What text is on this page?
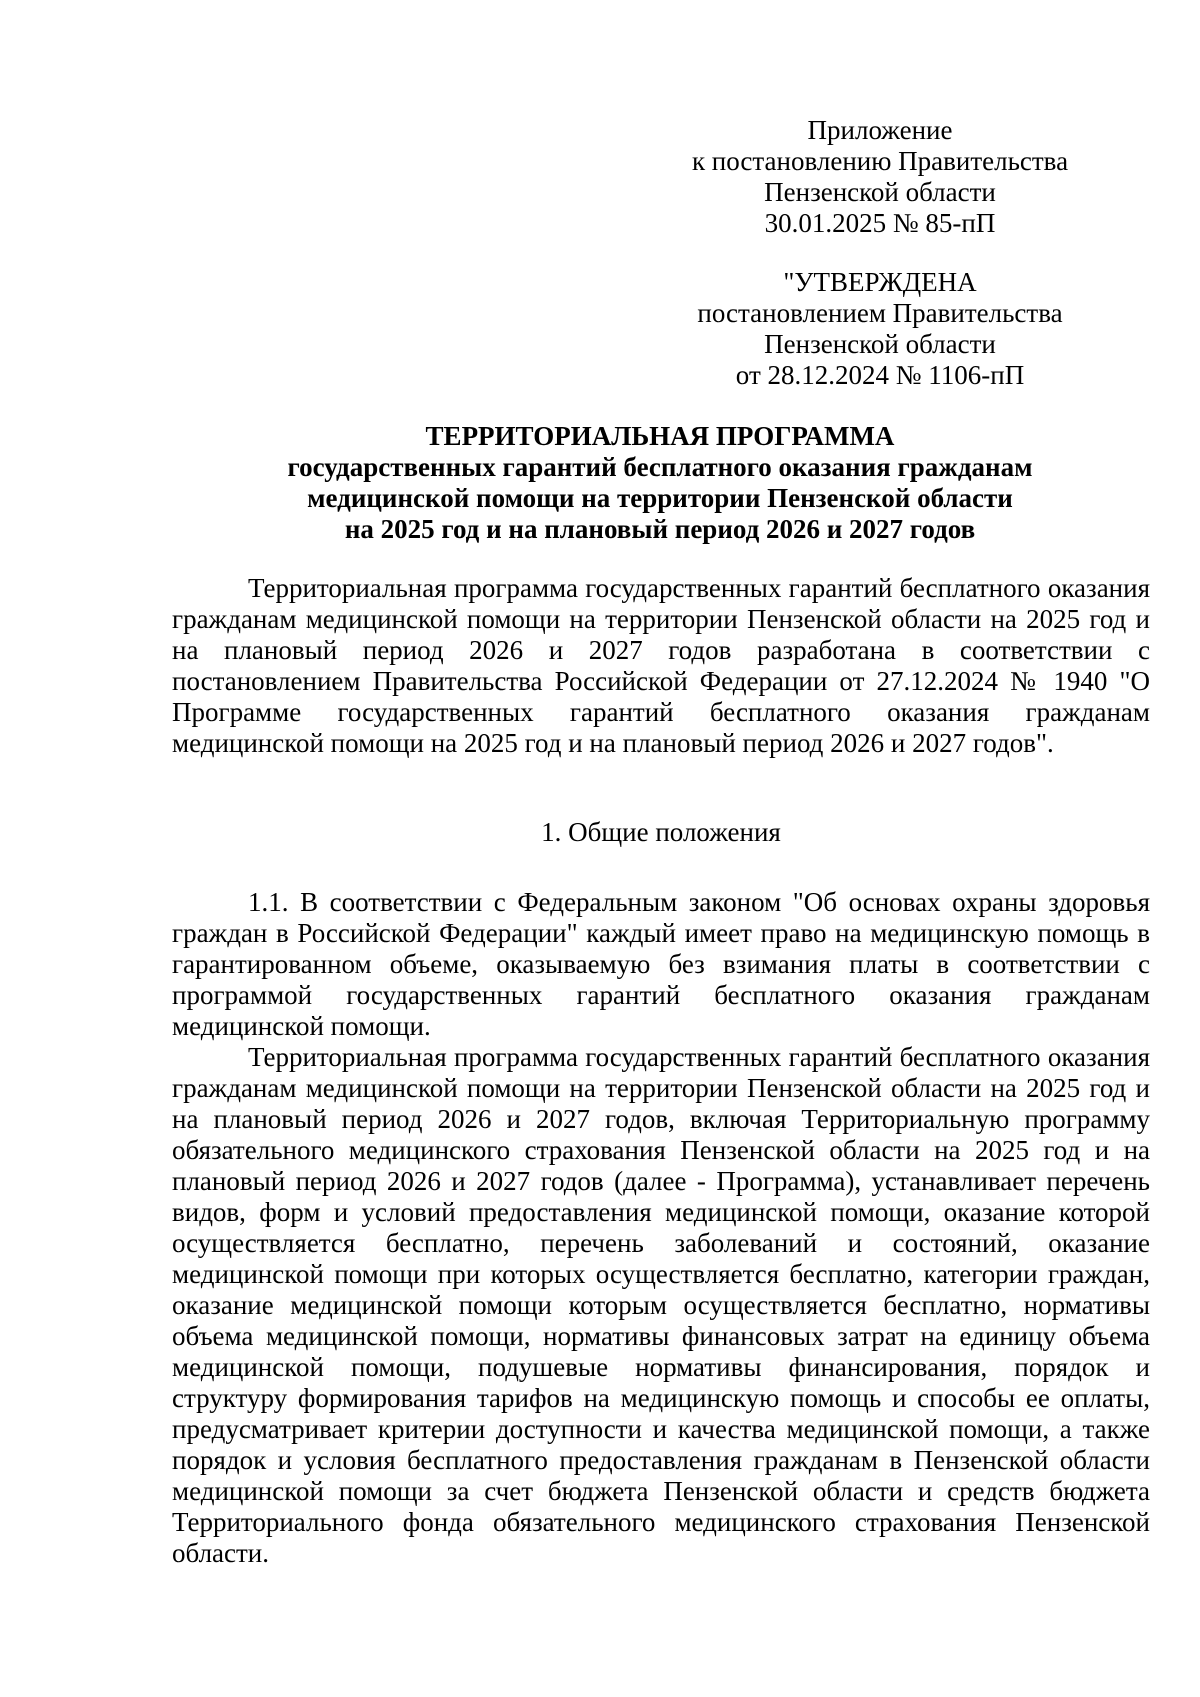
Приложение
к постановлению Правительства
Пензенской области
30.01.2025 № 85-пП
"УТВЕРЖДЕНА
постановлением Правительства
Пензенской области
от 28.12.2024 № 1106-пП
ТЕРРИТОРИАЛЬНАЯ ПРОГРАММА
государственных гарантий бесплатного оказания гражданам
медицинской помощи на территории Пензенской области
на 2025 год и на плановый период 2026 и 2027 годов

Территориальная программа государственных гарантий бесплатного оказания гражданам медицинской помощи на территории Пензенской области на 2025 год и на плановый период 2026 и 2027 годов разработана в соответствии с постановлением Правительства Российской Федерации от 27.12.2024 № 1940 "О Программе государственных гарантий бесплатного оказания гражданам медицинской помощи на 2025 год и на плановый период 2026 и 2027 годов".

1. Общие положения

1.1. В соответствии с Федеральным законом "Об основах охраны здоровья граждан в Российской Федерации" каждый имеет право на медицинскую помощь в гарантированном объеме, оказываемую без взимания платы в соответствии с программой государственных гарантий бесплатного оказания гражданам медицинской помощи.

Территориальная программа государственных гарантий бесплатного оказания гражданам медицинской помощи на территории Пензенской области на 2025 год и на плановый период 2026 и 2027 годов, включая Территориальную программу обязательного медицинского страхования Пензенской области на 2025 год и на плановый период 2026 и 2027 годов (далее - Программа), устанавливает перечень видов, форм и условий предоставления медицинской помощи, оказание которой осуществляется бесплатно, перечень заболеваний и состояний, оказание медицинской помощи при которых осуществляется бесплатно, категории граждан, оказание медицинской помощи которым осуществляется бесплатно, нормативы объема медицинской помощи, нормативы финансовых затрат на единицу объема медицинской помощи, подушевые нормативы финансирования, порядок и структуру формирования тарифов на медицинскую помощь и способы ее оплаты, предусматривает критерии доступности и качества медицинской помощи, а также порядок и условия бесплатного предоставления гражданам в Пензенской области медицинской помощи за счет бюджета Пензенской области и средств бюджета Территориального фонда обязательного медицинского страхования Пензенской области.
